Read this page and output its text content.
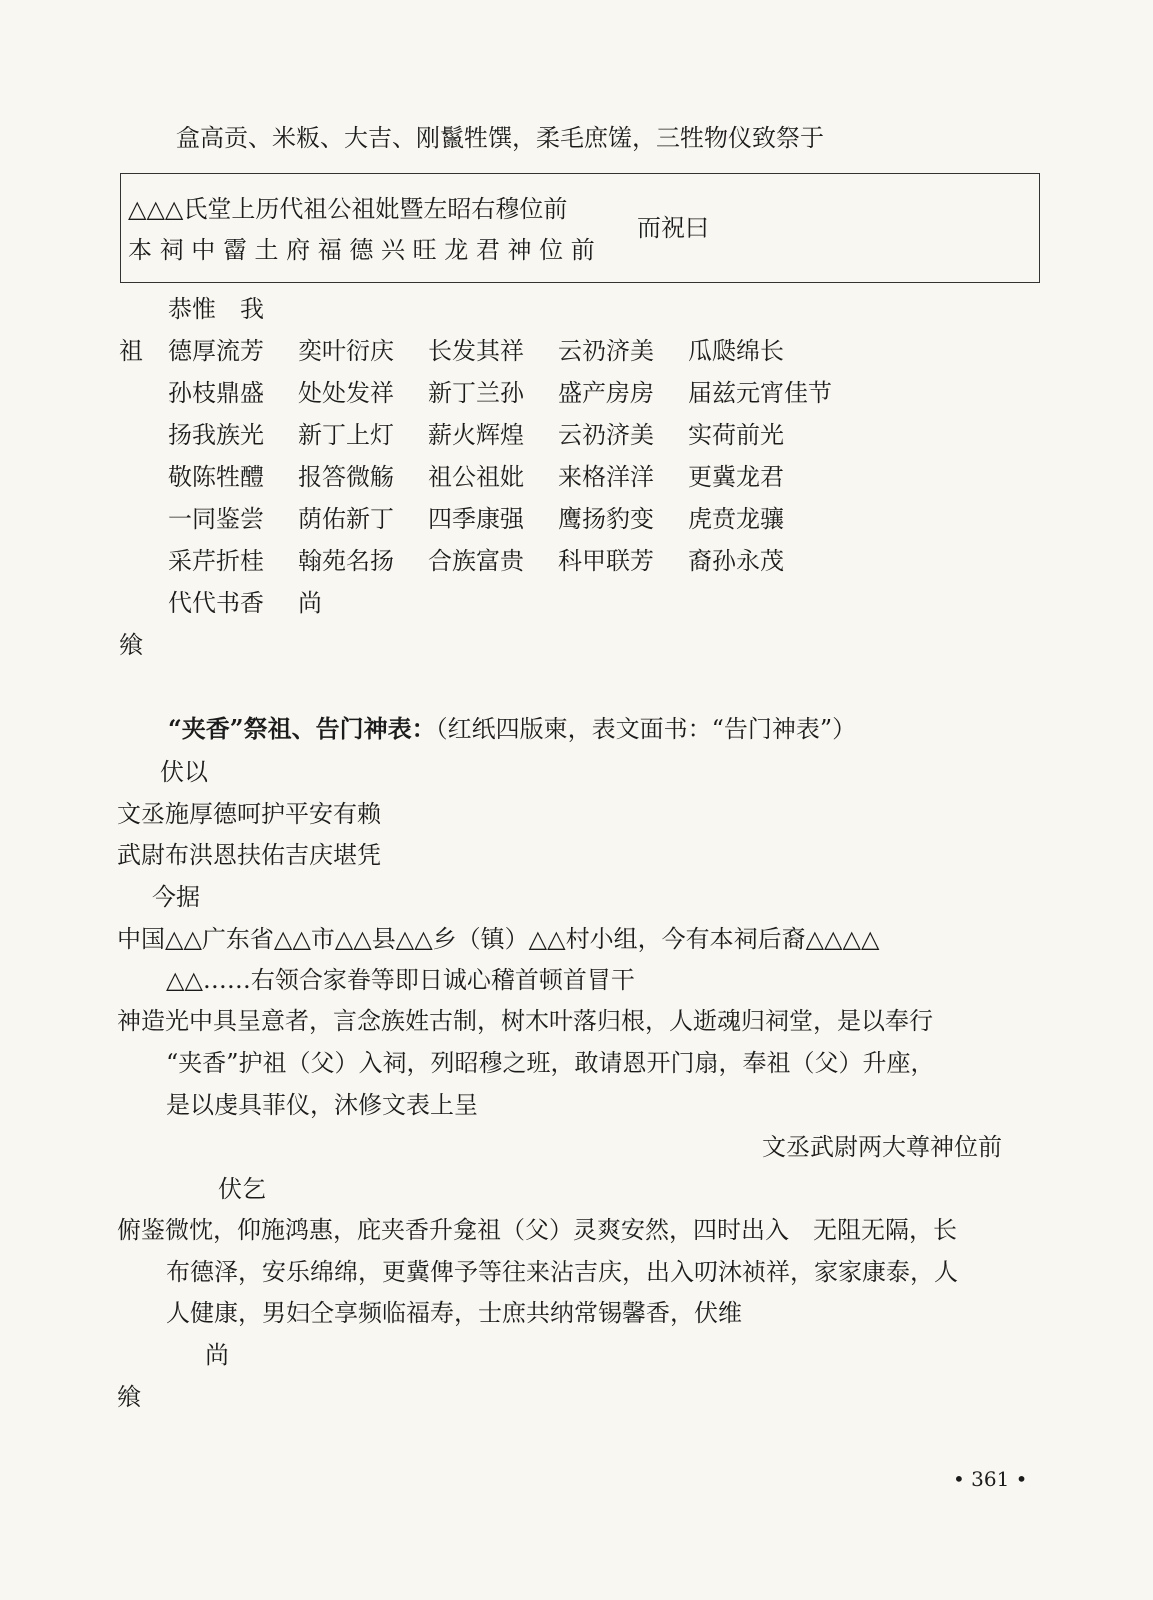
盒高贡、米粄、大吉、刚鬣牲馔，柔毛庶馐，三牲物仪致祭于
△△△氏堂上历代祖公祖妣暨左昭右穆位前
本 祠 中 霤 土 府 福 德 兴 旺 龙 君 神 位 前
而祝曰
恭惟　我
祖 德厚流芳 奕叶衍庆 长发其祥 云礽济美 瓜瓞绵长
孙枝鼎盛 处处发祥 新丁兰孙 盛产房房 届兹元宵佳节
扬我族光 新丁上灯 薪火辉煌 云礽济美 实荷前光
敬陈牲醴 报答微觞 祖公祖妣 来格洋洋 更冀龙君
一同鉴尝 荫佑新丁 四季康强 鹰扬豹变 虎贲龙骧
采芹折桂 翰苑名扬 合族富贵 科甲联芳 裔孙永茂
代代书香 尚
飨
“夹香”祭祖、告门神表：（红纸四版柬，表文面书：“告门神表”）
伏以
文丞施厚德呵护平安有赖
武尉布洪恩扶佑吉庆堪凭
今据
中国△△广东省△△市△△县△△乡（镇）△△村小组，今有本祠后裔△△△△
△△……右领合家眷等即日诚心稽首顿首冒干
神造光中具呈意者，言念族姓古制，树木叶落归根，人逝魂归祠堂，是以奉行
“夹香”护祖（父）入祠，列昭穆之班，敢请恩开门扇，奉祖（父）升座，
是以虔具菲仪，沐修文表上呈
文丞武尉两大尊神位前
伏乞
俯鉴微忱，仰施鸿惠，庇夹香升龛祖（父）灵爽安然，四时出入　无阻无隔，长
布德泽，安乐绵绵，更冀俾予等往来沾吉庆，出入叨沐祯祥，家家康泰，人
人健康，男妇仝享频临福寿，士庶共纳常锡馨香，伏维
尚
飨
• 361 •
